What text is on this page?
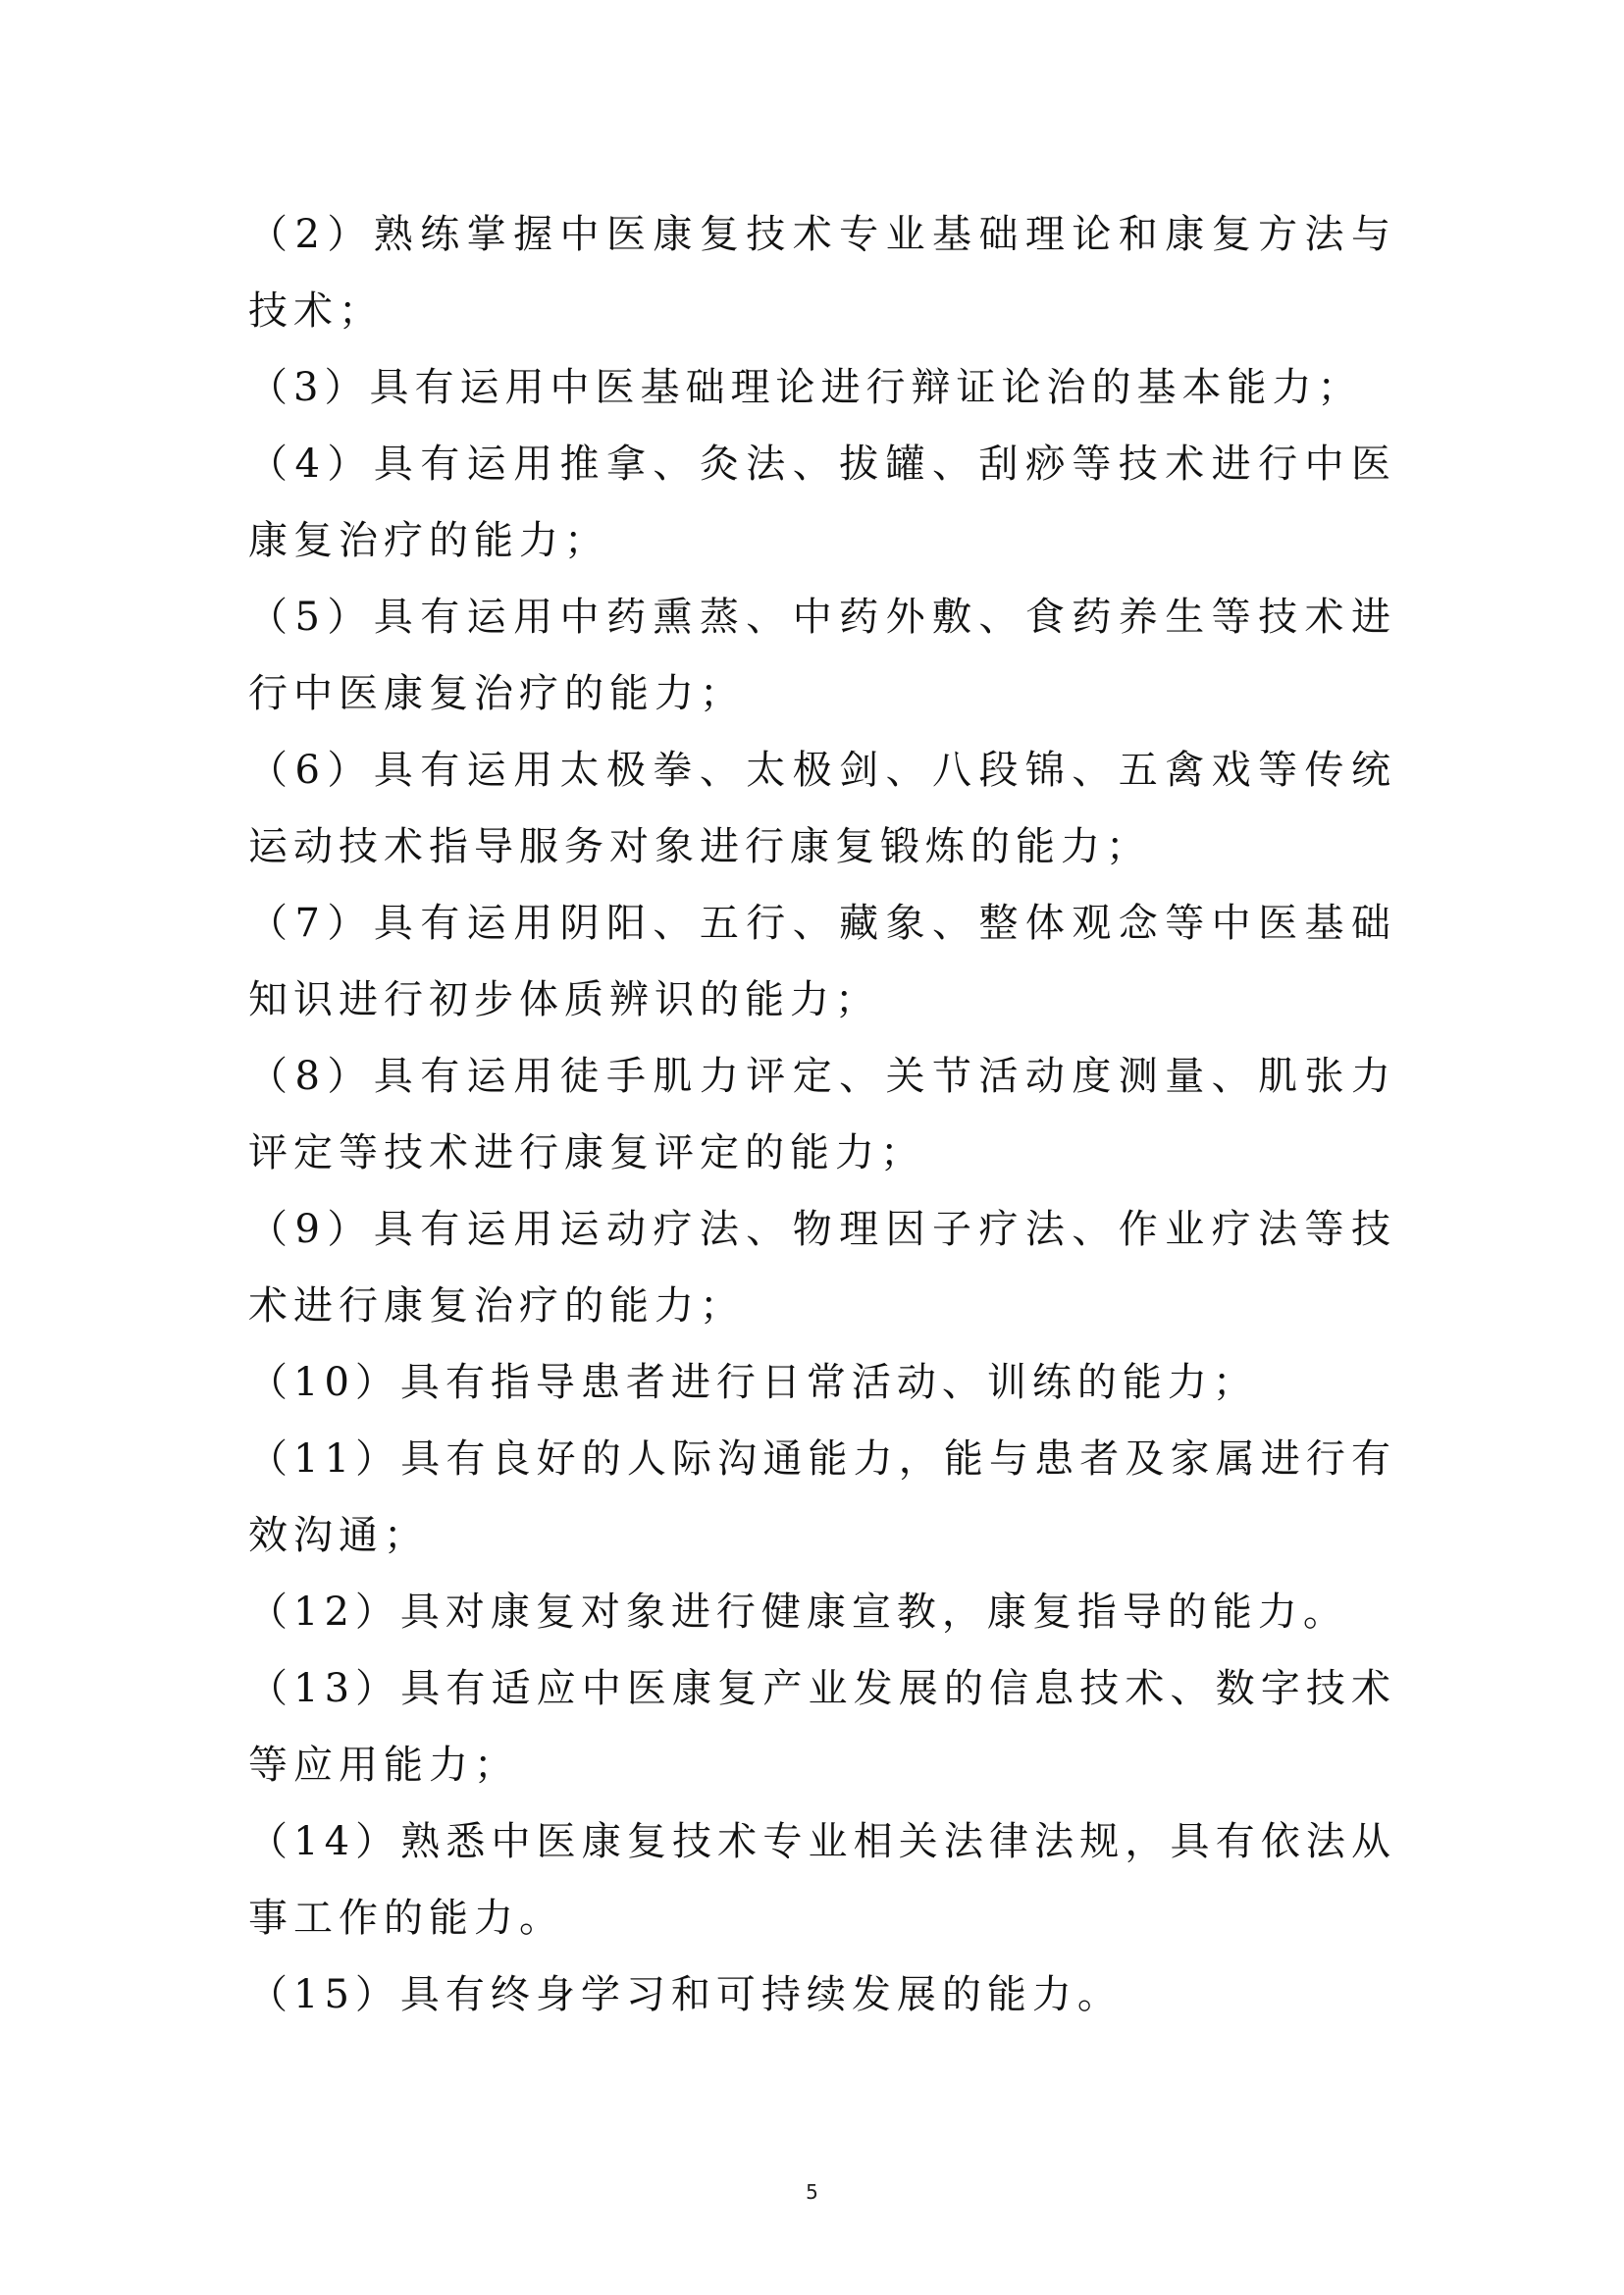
（2）熟练掌握中医康复技术专业基础理论和康复方法与技术；

（3）具有运用中医基础理论进行辩证论治的基本能力；

（4）具有运用推拿、灸法、拔罐、刮痧等技术进行中医康复治疗的能力；

（5）具有运用中药熏蒸、中药外敷、食药养生等技术进行中医康复治疗的能力；

（6）具有运用太极拳、太极剑、八段锦、五禽戏等传统运动技术指导服务对象进行康复锻炼的能力；

（7）具有运用阴阳、五行、藏象、整体观念等中医基础知识进行初步体质辨识的能力；

（8）具有运用徒手肌力评定、关节活动度测量、肌张力评定等技术进行康复评定的能力；

（9）具有运用运动疗法、物理因子疗法、作业疗法等技术进行康复治疗的能力；

（10）具有指导患者进行日常活动、训练的能力；

（11）具有良好的人际沟通能力，能与患者及家属进行有效沟通；

（12）具对康复对象进行健康宣教，康复指导的能力。

（13）具有适应中医康复产业发展的信息技术、数字技术等应用能力；

（14）熟悉中医康复技术专业相关法律法规，具有依法从事工作的能力。

（15）具有终身学习和可持续发展的能力。

5
